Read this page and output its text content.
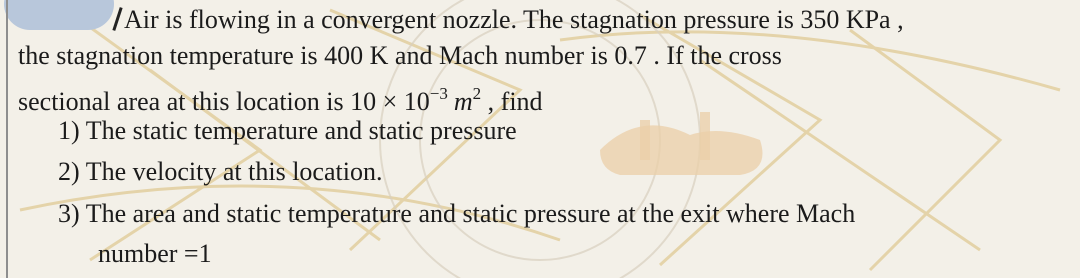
Air is flowing in a convergent nozzle. The stagnation pressure is 350 KPa ,
the stagnation temperature is 400 K and Mach number is 0.7 . If the cross
sectional area at this location is $10 \times 10^{-3}$ $m^2$ , find
1) The static temperature and static pressure
2) The velocity at this location.
3) The area and static temperature and static pressure at the exit where Mach
number =1
